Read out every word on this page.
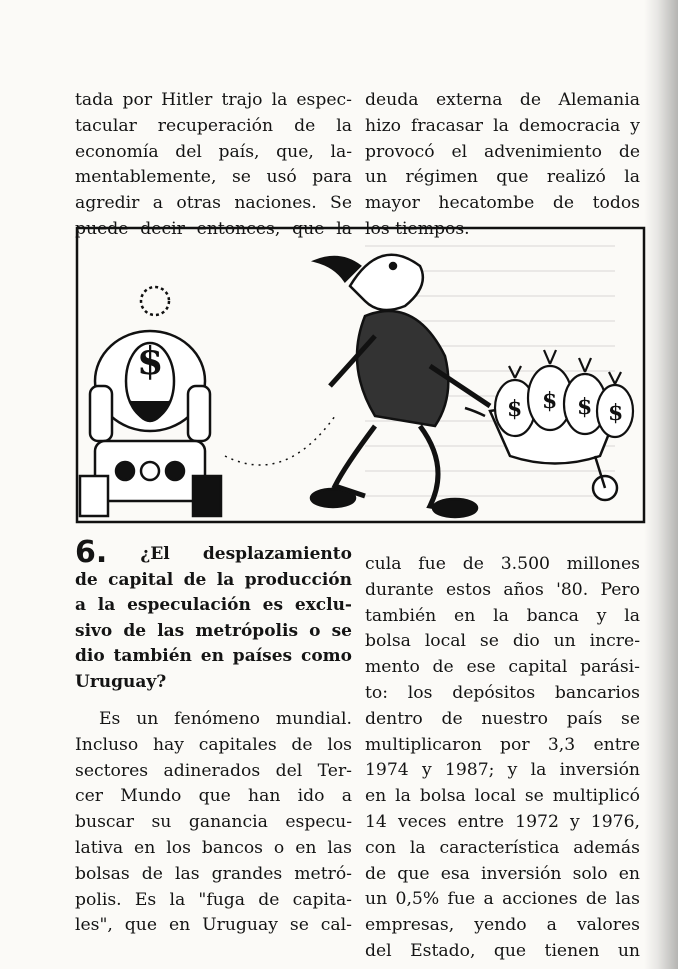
tada por Hitler trajo la espec-
tacular recuperación de la
economía del país, que, la-
mentablemente, se usó para
agredir a otras naciones. Se
puede decir entonces, que la
deuda externa de Alemania
hizo fracasar la democracia y
provocó el advenimiento de
un régimen que realizó la
mayor hecatombe de todos
los tiempos.
$
$ $ $ $

6. ¿El desplazamiento
de capital de la producción
a la especulación es exclu-
sivo de las metrópolis o se
dio también en países como
Uruguay?

Es un fenómeno mundial.
Incluso hay capitales de los
sectores adinerados del Ter-
cer Mundo que han ido a
buscar su ganancia especu-
lativa en los bancos o en las
bolsas de las grandes metró-
polis. Es la "fuga de capita-
les", que en Uruguay se cal-

cula fue de 3.500 millones
durante estos años '80. Pero
también en la banca y la
bolsa local se dio un incre-
mento de ese capital parási-
to: los depósitos bancarios
dentro de nuestro país se
multiplicaron por 3,3 entre
1974 y 1987; y la inversión
en la bolsa local se multiplicó
14 veces entre 1972 y 1976,
con la característica además
de que esa inversión solo en
un 0,5% fue a acciones de las
empresas, yendo a valores
del Estado, que tienen un
